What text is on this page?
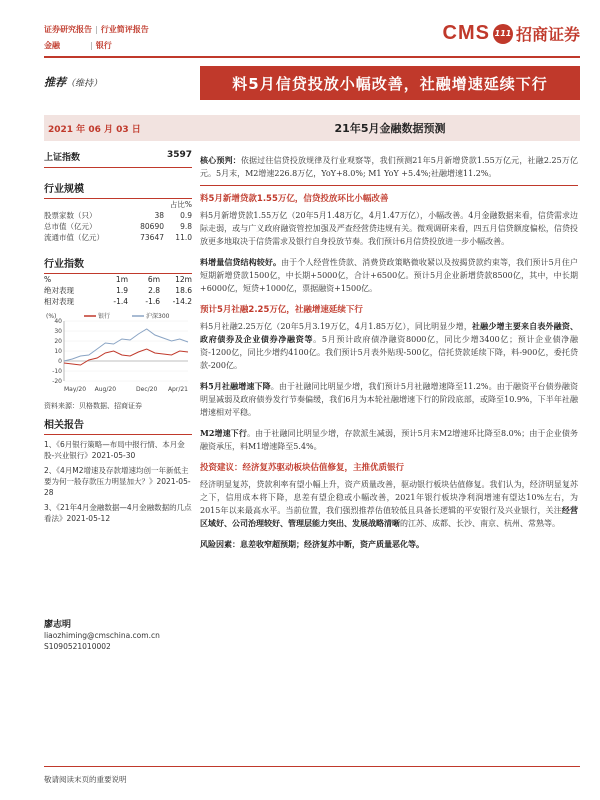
证券研究报告 | 行业简评报告
金融	| 银行
CMS 111 招商证券
推荐（维持）	料5月信贷投放小幅改善，社融增速延续下行
2021 年 06 月 03 日	21年5月金融数据预测
上证指数	3597
行业规模
占比%
股票家数（只）	38	0.9
总市值（亿元）	80690	9.8
流通市值（亿元）	73647	11.0
行业指数
%	1m	6m	12m
绝对表现	1.9	2.8	18.6
相对表现	-1.4	-1.6	-14.2
40
30
20
10
0
-10
-20
(%)
May/20 Aug/20	Dec/20 Apr/21
银行	沪深300
资料来源：贝格数据、招商证券
相关报告
1、《6月银行策略—布局中报行情、本月金股-兴业银行》2021-05-30
2、《4月M2增速及存款增速均创一年新低主要为何一般存款压力明显加大？》2021-05-28
3、《21年4月金融数据—4月金融数据的几点看法》2021-05-12
廖志明
liaozhiming@cmschina.com.cn
S1090521010002
核心预判：依据过往信贷投放规律及行业观察等，我们预测21年5月新增贷款1.55万亿元，社融2.25万亿元。5月末，M2增速226.8万亿，YoY+8.0%; M1 YoY +5.4%;社融增速11.2%。
料5月新增贷款1.55万亿，信贷投放环比小幅改善
料5月新增贷款1.55万亿（20年5月1.48万亿，4月1.47万亿），小幅改善。4月金融数据来看，信贷需求边际走弱，或与广义政府融资管控加强及严查经营贷违规有关。微观调研来看，四五月信贷额度偏松，信贷投放更多地取决于信贷需求及银行自身投放节奏。我们预计6月信贷投放进一步小幅改善。
料增量信贷结构较好。由于个人经营性贷款、消费贷政策略微收紧以及按揭贷款约束等，我们预计5月住户短期新增贷款1500亿，中长期+5000亿，合计+6500亿。预计5月企业新增贷款8500亿，其中，中长期+6000亿，短贷+1000亿，票据融资+1500亿。
预计5月社融2.25万亿，社融增速延续下行
料5月社融2.25万亿（20年5月3.19万亿，4月1.85万亿），同比明显少增，社融少增主要来自表外融资、政府债券及企业债券净融资等。5月预计政府债净融资8000亿，同比少增3400亿；预计企业债净融资-1200亿，同比少增约4100亿。我们预计5月表外贴现-500亿，信托贷款延续下降，料-900亿，委托贷款-200亿。
料5月社融增速下降。由于社融同比明显少增，我们预计5月社融增速降至11.2%。由于融资平台债券融资明显减弱及政府债券发行节奏偏缓，我们6月为本轮社融增速下行的阶段底部，或降至10.9%，下半年社融增速相对平稳。
M2增速下行。由于社融同比明显少增，存款派生减弱，预计5月末M2增速环比降至8.0%；由于企业债务融资承压，料M1增速降至5.4%。
投资建议：经济复苏驱动板块估值修复，主推优质银行
经济明显复苏，贷款利率有望小幅上升，资产质量改善，驱动银行板块估值修复。我们认为，经济明显复苏之下，信用成本将下降，息差有望企稳或小幅改善，2021年银行板块净利润增速有望达10%左右，为2015年以来最高水平。当前位置，我们强烈推荐估值较低且具备长逻辑的平安银行及兴业银行，关注经营区域好、公司治理较好、管理层能力突出、发展战略清晰的江苏、成都、长沙、南京、杭州、常熟等。
风险因素：息差收窄超预期；经济复苏中断，资产质量恶化等。
敬请阅读末页的重要说明
